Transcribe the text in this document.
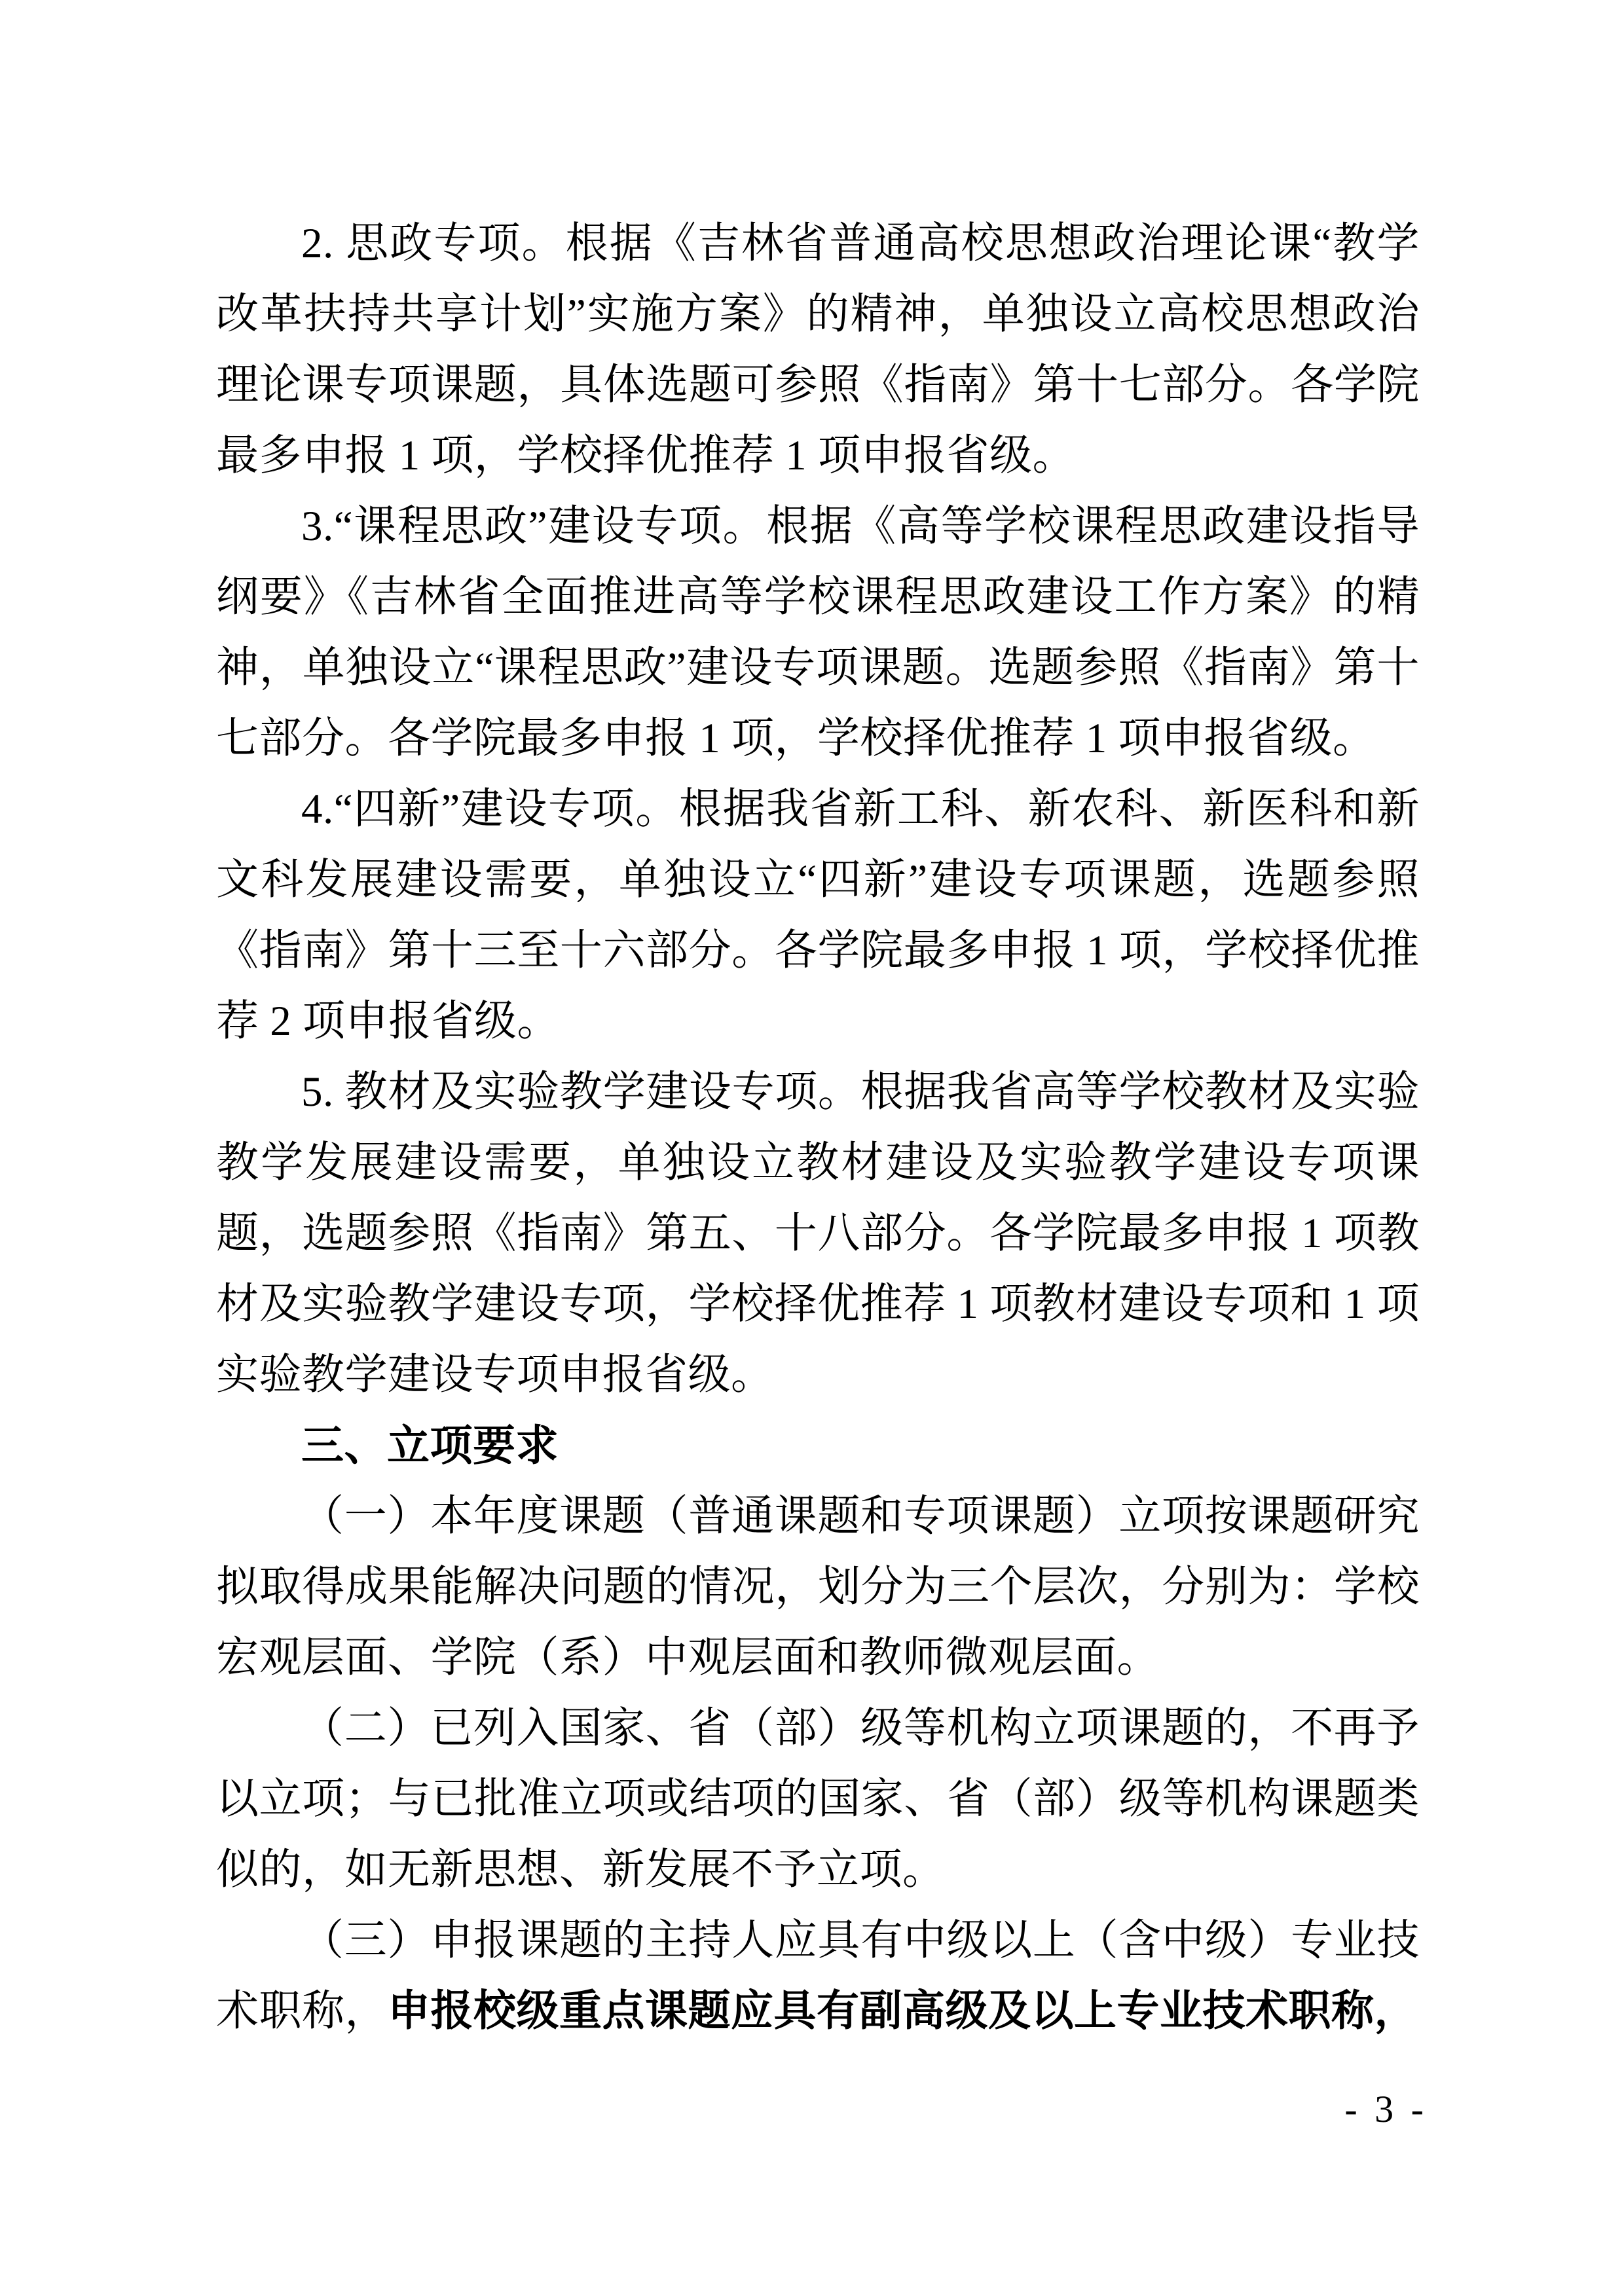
2. 思政专项。根据《吉林省普通高校思想政治理论课“教学改革扶持共享计划”实施方案》的精神，单独设立高校思想政治理论课专项课题，具体选题可参照《指南》第十七部分。各学院最多申报 1 项，学校择优推荐 1 项申报省级。

3.“课程思政”建设专项。根据《高等学校课程思政建设指导纲要》《吉林省全面推进高等学校课程思政建设工作方案》的精神，单独设立“课程思政”建设专项课题。选题参照《指南》第十七部分。各学院最多申报 1 项，学校择优推荐 1 项申报省级。

4.“四新”建设专项。根据我省新工科、新农科、新医科和新文科发展建设需要，单独设立“四新”建设专项课题，选题参照《指南》第十三至十六部分。各学院最多申报 1 项，学校择优推荐 2 项申报省级。

5. 教材及实验教学建设专项。根据我省高等学校教材及实验教学发展建设需要，单独设立教材建设及实验教学建设专项课题，选题参照《指南》第五、十八部分。各学院最多申报 1 项教材及实验教学建设专项，学校择优推荐 1 项教材建设专项和 1 项实验教学建设专项申报省级。

三、立项要求

（一）本年度课题（普通课题和专项课题）立项按课题研究拟取得成果能解决问题的情况，划分为三个层次，分别为：学校宏观层面、学院（系）中观层面和教师微观层面。

（二）已列入国家、省（部）级等机构立项课题的，不再予以立项；与已批准立项或结项的国家、省（部）级等机构课题类似的，如无新思想、新发展不予立项。

（三）申报课题的主持人应具有中级以上（含中级）专业技术职称，申报校级重点课题应具有副高级及以上专业技术职称，

- 3 -
